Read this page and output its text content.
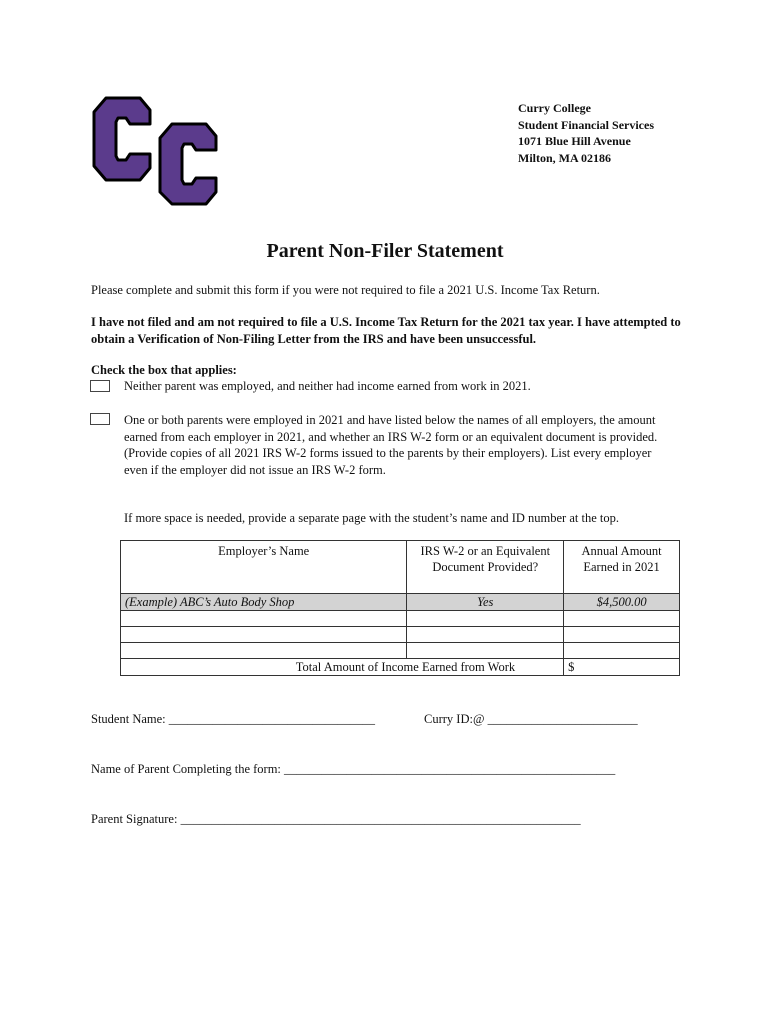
Curry College
Student Financial Services
1071 Blue Hill Avenue
Milton, MA 02186
Parent Non-Filer Statement
Please complete and submit this form if you were not required to file a 2021 U.S. Income Tax Return.
I have not filed and am not required to file a U.S. Income Tax Return for the 2021 tax year. I have attempted to obtain a Verification of Non-Filing Letter from the IRS and have been unsuccessful.
Check the box that applies:
Neither parent was employed, and neither had income earned from work in 2021.
One or both parents were employed in 2021 and have listed below the names of all employers, the amount earned from each employer in 2021, and whether an IRS W-2 form or an equivalent document is provided. (Provide copies of all 2021 IRS W-2 forms issued to the parents by their employers). List every employer even if the employer did not issue an IRS W-2 form.
If more space is needed, provide a separate page with the student’s name and ID number at the top.
Employer’s Name	IRS W-2 or an Equivalent Document Provided?	Annual Amount Earned in 2021
(Example) ABC’s Auto Body Shop	Yes	$4,500.00

Total Amount of Income Earned from Work		$
Student Name: _________________________________	Curry ID:@ ________________________
Name of Parent Completing the form: _____________________________________________________
Parent Signature: ________________________________________________________________
